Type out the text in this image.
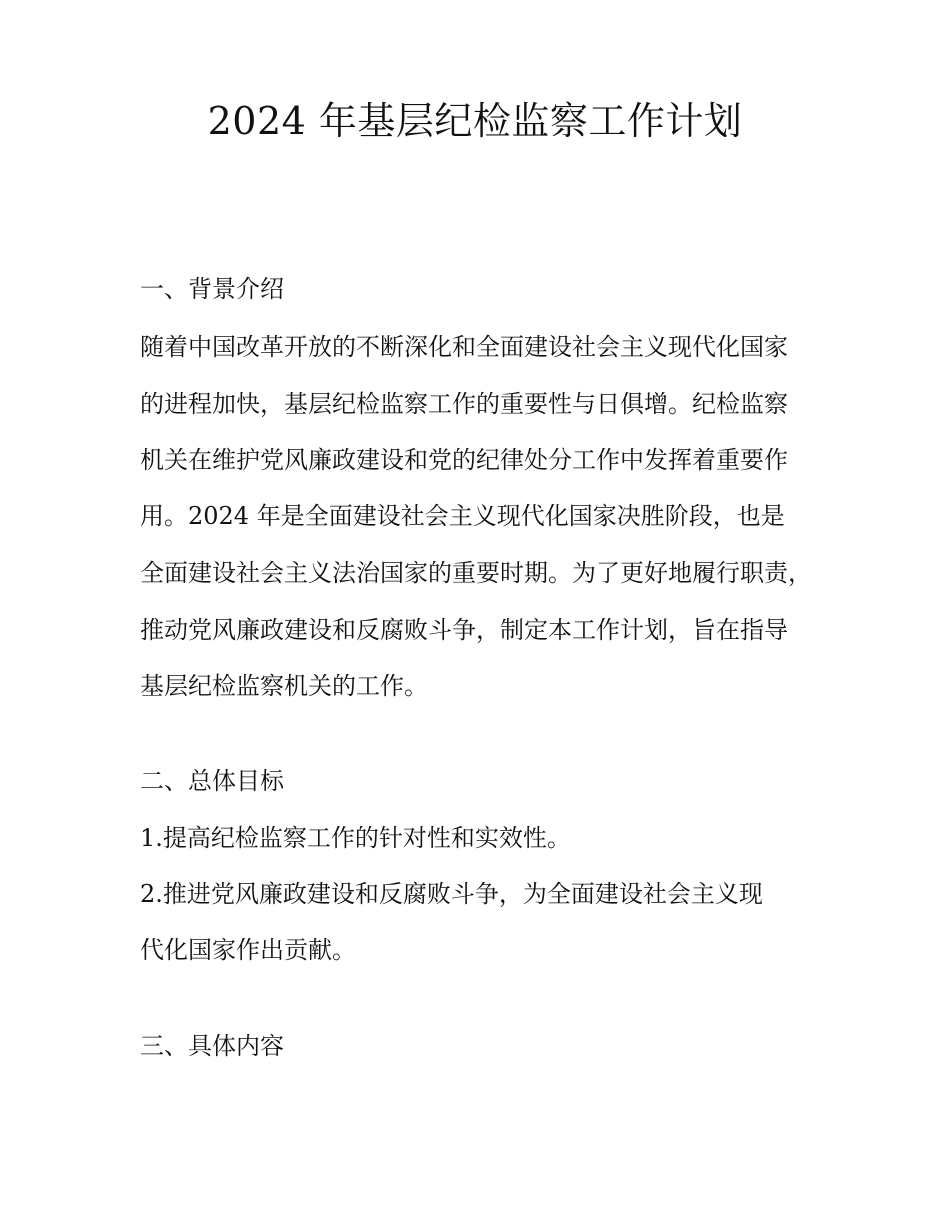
2024 年基层纪检监察工作计划
一、背景介绍
随着中国改革开放的不断深化和全面建设社会主义现代化国家
的进程加快，基层纪检监察工作的重要性与日俱增。纪检监察
机关在维护党风廉政建设和党的纪律处分工作中发挥着重要作
用。2024 年是全面建设社会主义现代化国家决胜阶段，也是
全面建设社会主义法治国家的重要时期。为了更好地履行职责，
推动党风廉政建设和反腐败斗争，制定本工作计划，旨在指导
基层纪检监察机关的工作。
二、总体目标
1.提高纪检监察工作的针对性和实效性。
2.推进党风廉政建设和反腐败斗争，为全面建设社会主义现
代化国家作出贡献。
三、具体内容
